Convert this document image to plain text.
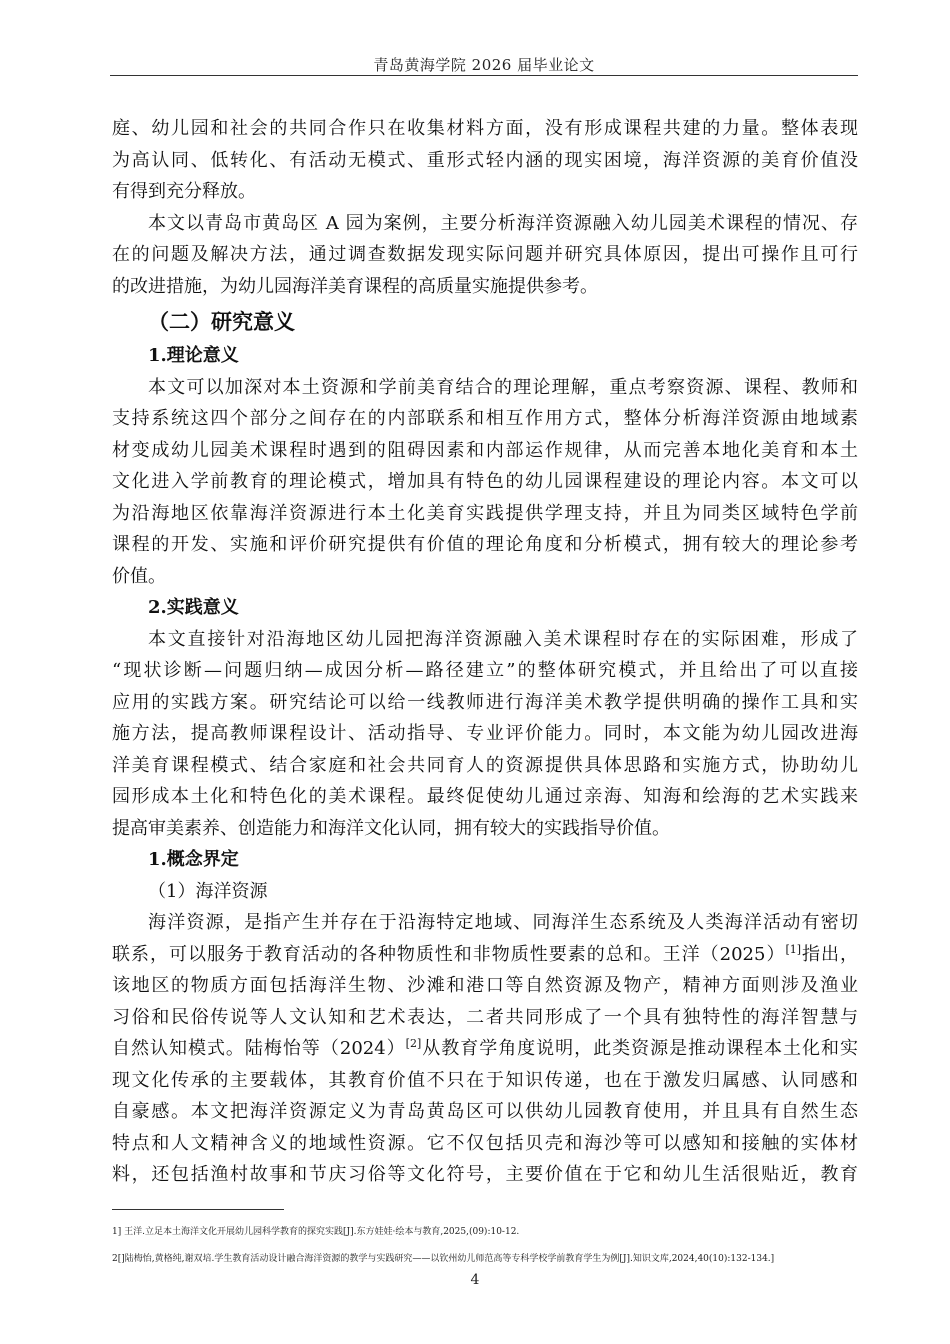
青岛黄海学院 2026 届毕业论文
庭、幼儿园和社会的共同合作只在收集材料方面，没有形成课程共建的力量。整体表现
为高认同、低转化、有活动无模式、重形式轻内涵的现实困境，海洋资源的美育价值没
有得到充分释放。
本文以青岛市黄岛区 A 园为案例，主要分析海洋资源融入幼儿园美术课程的情况、存
在的问题及解决方法，通过调查数据发现实际问题并研究具体原因，提出可操作且可行
的改进措施，为幼儿园海洋美育课程的高质量实施提供参考。
（二）研究意义
1.理论意义
本文可以加深对本土资源和学前美育结合的理论理解，重点考察资源、课程、教师和
支持系统这四个部分之间存在的内部联系和相互作用方式，整体分析海洋资源由地域素
材变成幼儿园美术课程时遇到的阻碍因素和内部运作规律，从而完善本地化美育和本土
文化进入学前教育的理论模式，增加具有特色的幼儿园课程建设的理论内容。本文可以
为沿海地区依靠海洋资源进行本土化美育实践提供学理支持，并且为同类区域特色学前
课程的开发、实施和评价研究提供有价值的理论角度和分析模式，拥有较大的理论参考
价值。
2.实践意义
本文直接针对沿海地区幼儿园把海洋资源融入美术课程时存在的实际困难，形成了
“现状诊断—问题归纳—成因分析—路径建立”的整体研究模式，并且给出了可以直接
应用的实践方案。研究结论可以给一线教师进行海洋美术教学提供明确的操作工具和实
施方法，提高教师课程设计、活动指导、专业评价能力。同时，本文能为幼儿园改进海
洋美育课程模式、结合家庭和社会共同育人的资源提供具体思路和实施方式，协助幼儿
园形成本土化和特色化的美术课程。最终促使幼儿通过亲海、知海和绘海的艺术实践来
提高审美素养、创造能力和海洋文化认同，拥有较大的实践指导价值。
1.概念界定
（1）海洋资源
海洋资源，是指产生并存在于沿海特定地域、同海洋生态系统及人类海洋活动有密切
联系，可以服务于教育活动的各种物质性和非物质性要素的总和。王洋（2025）[1]指出，
该地区的物质方面包括海洋生物、沙滩和港口等自然资源及物产，精神方面则涉及渔业
习俗和民俗传说等人文认知和艺术表达，二者共同形成了一个具有独特性的海洋智慧与
自然认知模式。陆梅怡等（2024）[2]从教育学角度说明，此类资源是推动课程本土化和实
现文化传承的主要载体，其教育价值不只在于知识传递，也在于激发归属感、认同感和
自豪感。本文把海洋资源定义为青岛黄岛区可以供幼儿园教育使用，并且具有自然生态
特点和人文精神含义的地域性资源。它不仅包括贝壳和海沙等可以感知和接触的实体材
料，还包括渔村故事和节庆习俗等文化符号，主要价值在于它和幼儿生活很贴近，教育
1] 王洋.立足本土海洋文化开展幼儿园科学教育的探究实践[J].东方娃娃·绘本与教育,2025,(09):10-12.
2[]陆梅怡,黄格纯,谢双培.学生教育活动设计融合海洋资源的教学与实践研究——以钦州幼儿师范高等专科学校学前教育学生为例[J].知识文库,2024,40(10):132-134.]
4
